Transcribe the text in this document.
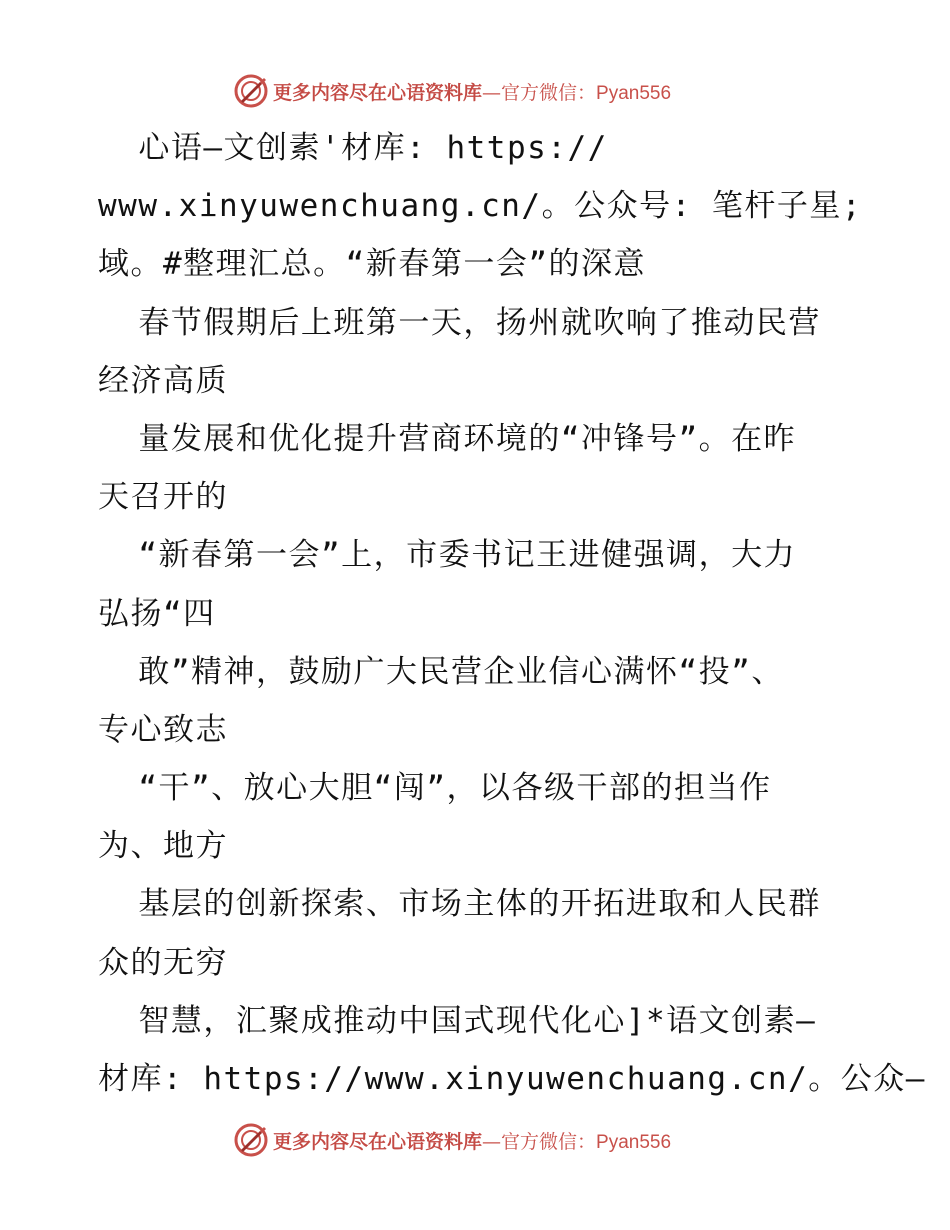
更多内容尽在心语资料库—官方微信：Pyan556
心语—文创素'材库: https://
www.xinyuwenchuang.cn/。公众号: 笔杆子星;
域。#整理汇总。“新春第一会”的深意
春节假期后上班第一天，扬州就吹响了推动民营
经济高质
量发展和优化提升营商环境的“冲锋号”。在昨
天召开的
“新春第一会”上，市委书记王进健强调，大力
弘扬“四
敢”精神，鼓励广大民营企业信心满怀“投”、
专心致志
“干”、放心大胆“闯”，以各级干部的担当作
为、地方
基层的创新探索、市场主体的开拓进取和人民群
众的无穷
智慧，汇聚成推动中国式现代化心]*语文创素—
材库: https://www.xinyuwenchuang.cn/。公众—
更多内容尽在心语资料库—官方微信：Pyan556
